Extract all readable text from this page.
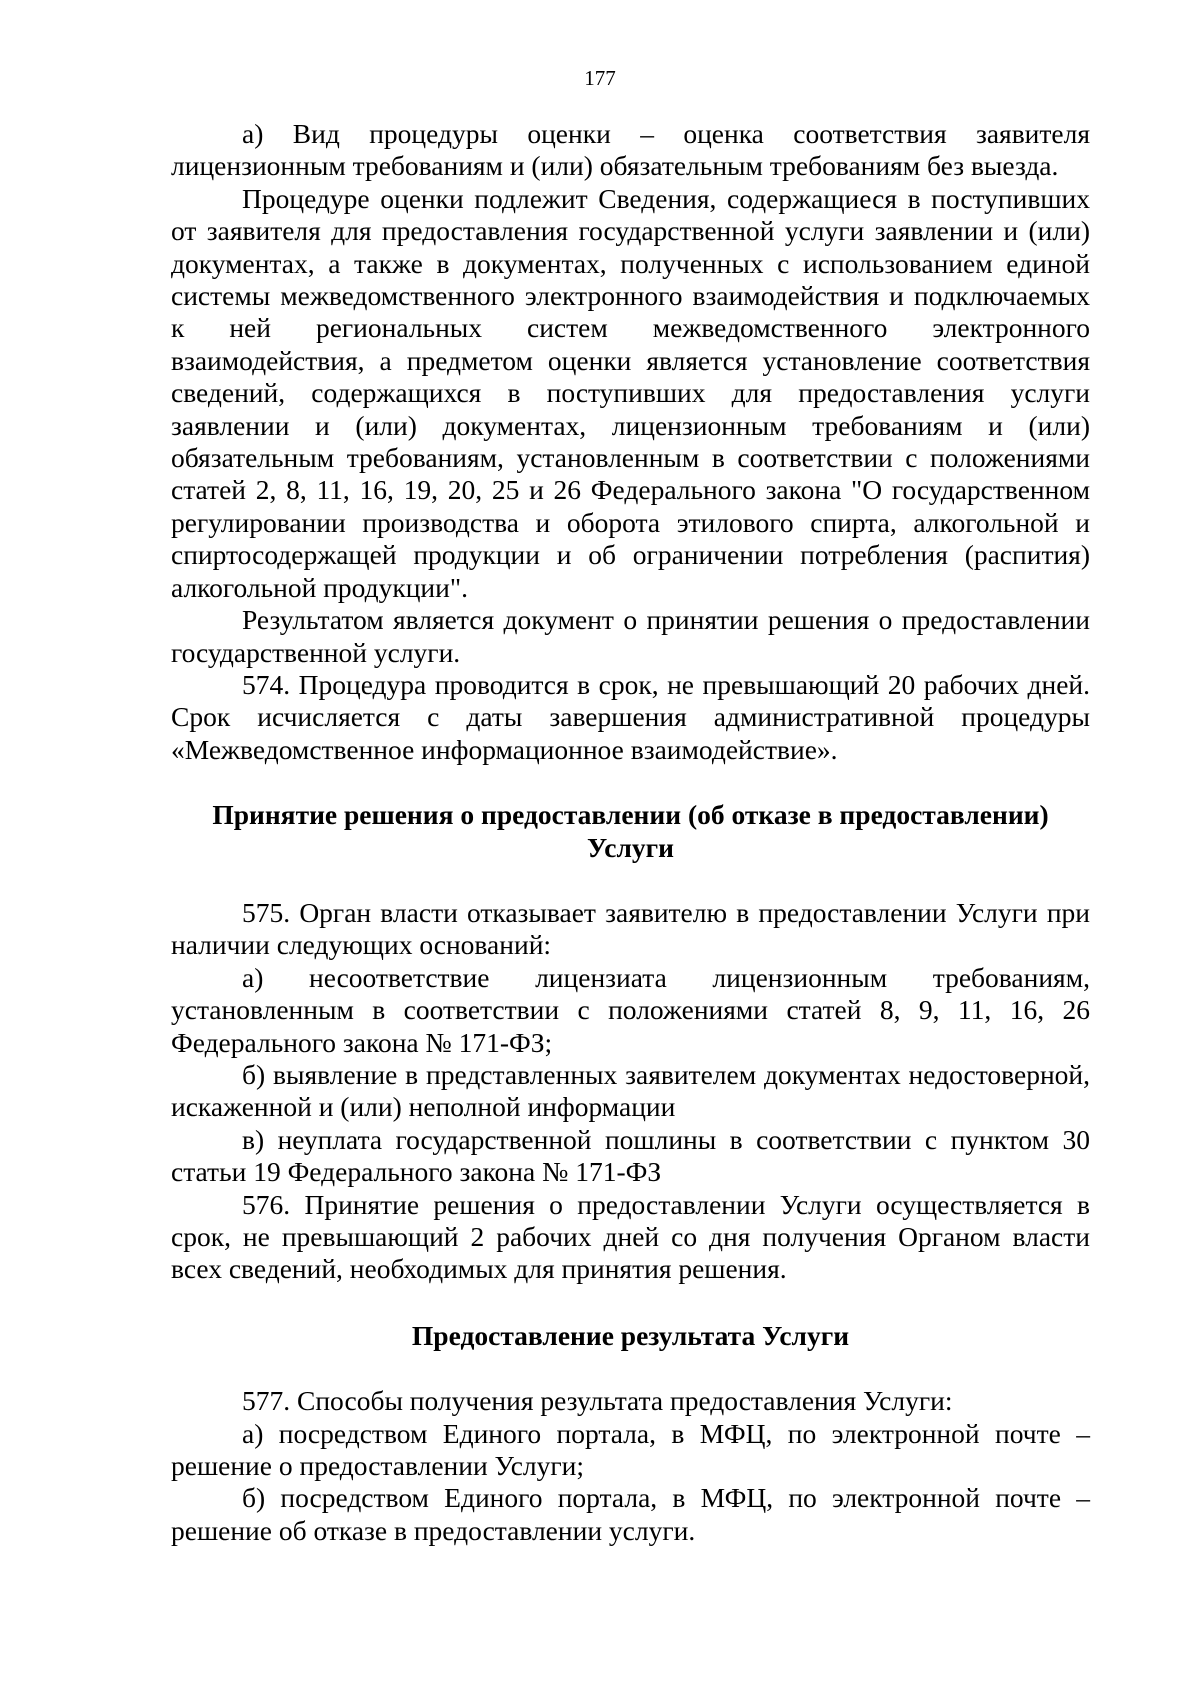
177

а) Вид процедуры оценки – оценка соответствия заявителя лицензионным требованиям и (или) обязательным требованиям без выезда.

Процедуре оценки подлежит Сведения, содержащиеся в поступивших от заявителя для предоставления государственной услуги заявлении и (или) документах, а также в документах, полученных с использованием единой системы межведомственного электронного взаимодействия и подключаемых к ней региональных систем межведомственного электронного взаимодействия, а предметом оценки является установление соответствия сведений, содержащихся в поступивших для предоставления услуги заявлении и (или) документах, лицензионным требованиям и (или) обязательным требованиям, установленным в соответствии с положениями статей 2, 8, 11, 16, 19, 20, 25 и 26 Федерального закона "О государственном регулировании производства и оборота этилового спирта, алкогольной и спиртосодержащей продукции и об ограничении потребления (распития) алкогольной продукции".

Результатом является документ о принятии решения о предоставлении государственной услуги.

574. Процедура проводится в срок, не превышающий 20 рабочих дней. Срок исчисляется с даты завершения административной процедуры «Межведомственное информационное взаимодействие».

Принятие решения о предоставлении (об отказе в предоставлении) Услуги

575. Орган власти отказывает заявителю в предоставлении Услуги при наличии следующих оснований:

а) несоответствие лицензиата лицензионным требованиям, установленным в соответствии с положениями статей 8, 9, 11, 16, 26 Федерального закона № 171-ФЗ;

б) выявление в представленных заявителем документах недостоверной, искаженной и (или) неполной информации

в) неуплата государственной пошлины в соответствии с пунктом 30 статьи 19 Федерального закона № 171-ФЗ

576. Принятие решения о предоставлении Услуги осуществляется в срок, не превышающий 2 рабочих дней со дня получения Органом власти всех сведений, необходимых для принятия решения.

Предоставление результата Услуги

577. Способы получения результата предоставления Услуги:

а) посредством Единого портала, в МФЦ, по электронной почте – решение о предоставлении Услуги;

б) посредством Единого портала, в МФЦ, по электронной почте – решение об отказе в предоставлении услуги.
